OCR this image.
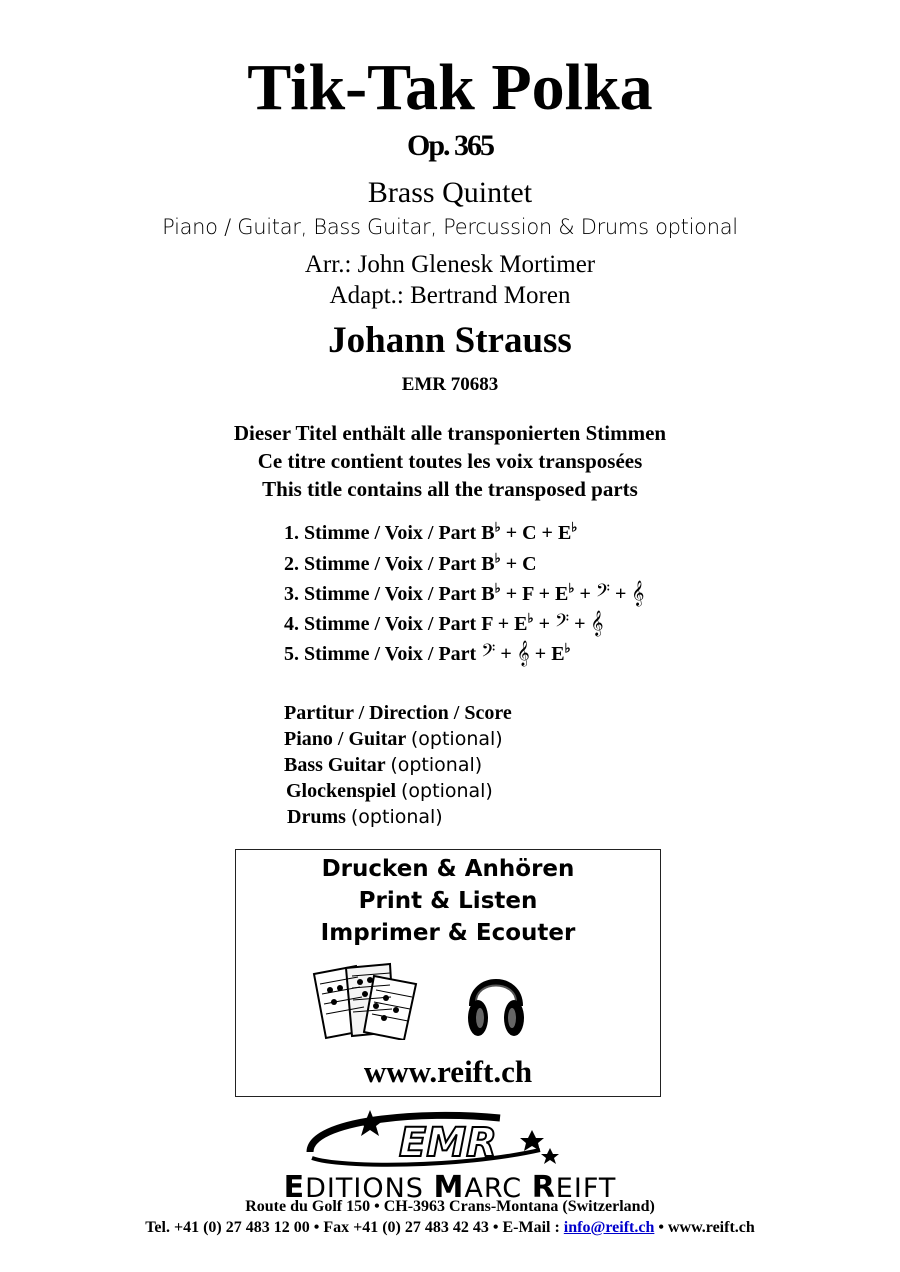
Tik-Tak Polka
Op. 365
Brass Quintet
Piano / Guitar, Bass Guitar, Percussion & Drums optional
Arr.: John Glenesk Mortimer
Adapt.: Bertrand Moren
Johann Strauss
EMR 70683
Dieser Titel enthält alle transponierten Stimmen
Ce titre contient toutes les voix transposées
This title contains all the transposed parts
1. Stimme / Voix / Part B♭ + C + E♭
2. Stimme / Voix / Part B♭ + C
3. Stimme / Voix / Part B♭ + F + E♭ + 𝄢 + 𝄞
4. Stimme / Voix / Part F + E♭ + 𝄢 + 𝄞
5. Stimme / Voix / Part 𝄢 + 𝄞 + E♭
Partitur / Direction / Score
Piano / Guitar (optional)
Bass Guitar (optional)
Glockenspiel (optional)
Drums (optional)
Drucken & Anhören
Print & Listen
Imprimer & Ecouter
www.reift.ch
EMR
EDITIONS MARC REIFT
Route du Golf 150 • CH-3963 Crans-Montana (Switzerland)
Tel. +41 (0) 27 483 12 00 • Fax +41 (0) 27 483 42 43 • E-Mail : info@reift.ch • www.reift.ch
